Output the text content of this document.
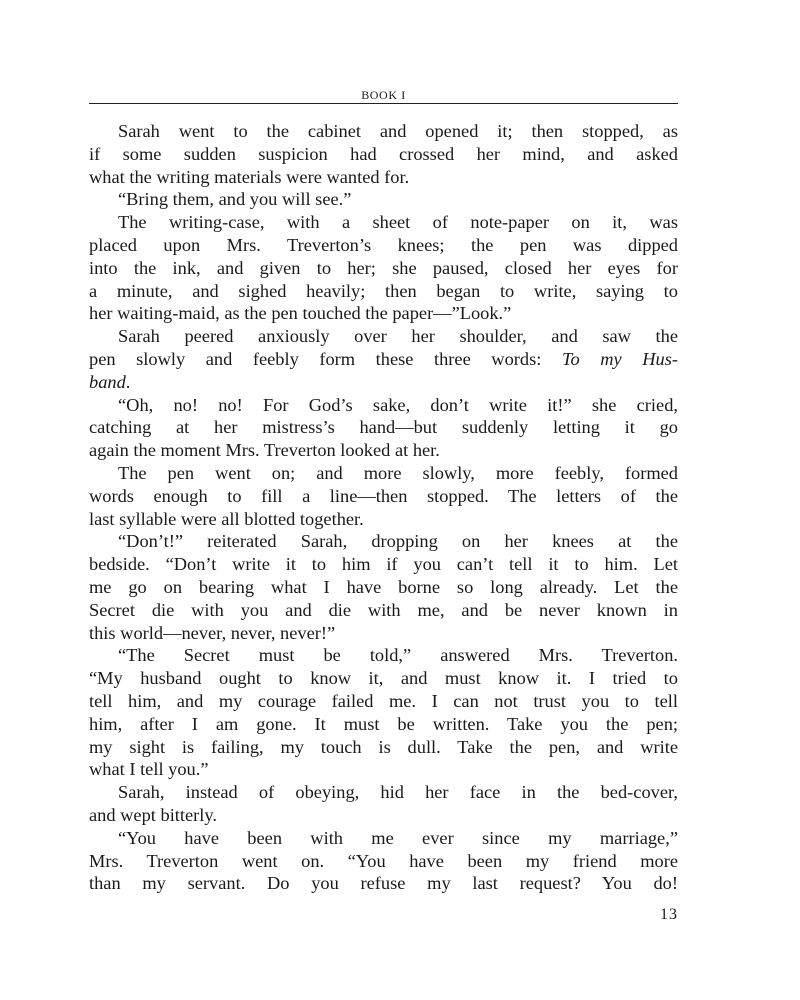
BOOK I
Sarah went to the cabinet and opened it; then stopped, as
if some sudden suspicion had crossed her mind, and asked
what the writing materials were wanted for.
“Bring them, and you will see.”
The writing-case, with a sheet of note-paper on it, was
placed upon Mrs. Treverton’s knees; the pen was dipped
into the ink, and given to her; she paused, closed her eyes for
a minute, and sighed heavily; then began to write, saying to
her waiting-maid, as the pen touched the paper—”Look.”
Sarah peered anxiously over her shoulder, and saw the
pen slowly and feebly form these three words: To my Hus-
band.
“Oh, no! no! For God’s sake, don’t write it!” she cried,
catching at her mistress’s hand—but suddenly letting it go
again the moment Mrs. Treverton looked at her.
The pen went on; and more slowly, more feebly, formed
words enough to fill a line—then stopped. The letters of the
last syllable were all blotted together.
“Don’t!” reiterated Sarah, dropping on her knees at the
bedside. “Don’t write it to him if you can’t tell it to him. Let
me go on bearing what I have borne so long already. Let the
Secret die with you and die with me, and be never known in
this world—never, never, never!”
“The Secret must be told,” answered Mrs. Treverton.
“My husband ought to know it, and must know it. I tried to
tell him, and my courage failed me. I can not trust you to tell
him, after I am gone. It must be written. Take you the pen;
my sight is failing, my touch is dull. Take the pen, and write
what I tell you.”
Sarah, instead of obeying, hid her face in the bed-cover,
and wept bitterly.
“You have been with me ever since my marriage,”
Mrs. Treverton went on. “You have been my friend more
than my servant. Do you refuse my last request? You do!
13
